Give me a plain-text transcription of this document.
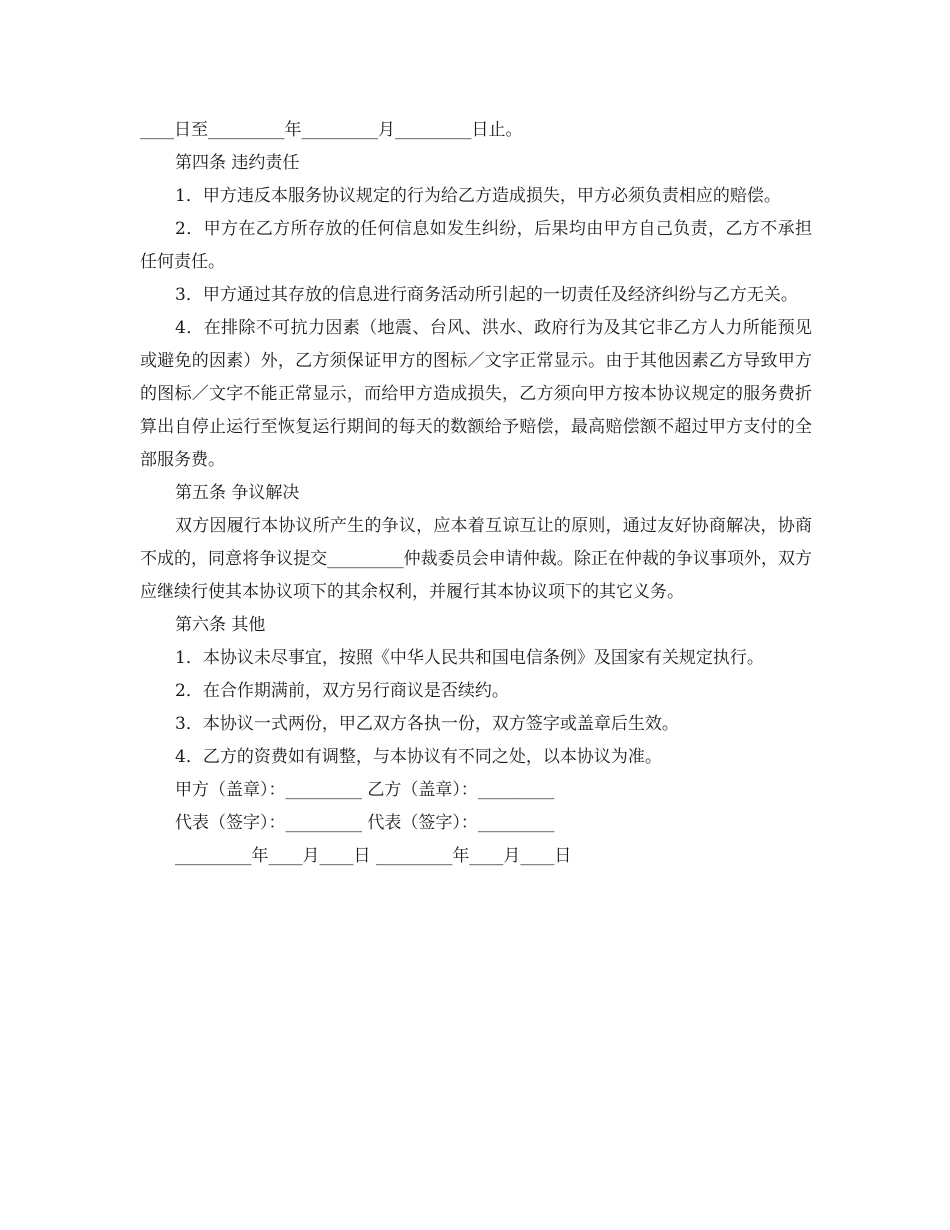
____日至_________年_________月_________日止。

第四条 违约责任

1．甲方违反本服务协议规定的行为给乙方造成损失，甲方必须负责相应的赔偿。

2．甲方在乙方所存放的任何信息如发生纠纷，后果均由甲方自己负责，乙方不承担任何责任。

3．甲方通过其存放的信息进行商务活动所引起的一切责任及经济纠纷与乙方无关。

4．在排除不可抗力因素（地震、台风、洪水、政府行为及其它非乙方人力所能预见或避免的因素）外，乙方须保证甲方的图标／文字正常显示。由于其他因素乙方导致甲方的图标／文字不能正常显示，而给甲方造成损失，乙方须向甲方按本协议规定的服务费折算出自停止运行至恢复运行期间的每天的数额给予赔偿，最高赔偿额不超过甲方支付的全部服务费。

第五条 争议解决

双方因履行本协议所产生的争议，应本着互谅互让的原则，通过友好协商解决，协商不成的，同意将争议提交_________仲裁委员会申请仲裁。除正在仲裁的争议事项外，双方应继续行使其本协议项下的其余权利，并履行其本协议项下的其它义务。

第六条 其他

1．本协议未尽事宜，按照《中华人民共和国电信条例》及国家有关规定执行。

2．在合作期满前，双方另行商议是否续约。

3．本协议一式两份，甲乙双方各执一份，双方签字或盖章后生效。

4．乙方的资费如有调整，与本协议有不同之处，以本协议为准。

甲方（盖章）：_________ 乙方（盖章）：_________

代表（签字）：_________ 代表（签字）：_________

_________年____月____日 _________年____月____日
